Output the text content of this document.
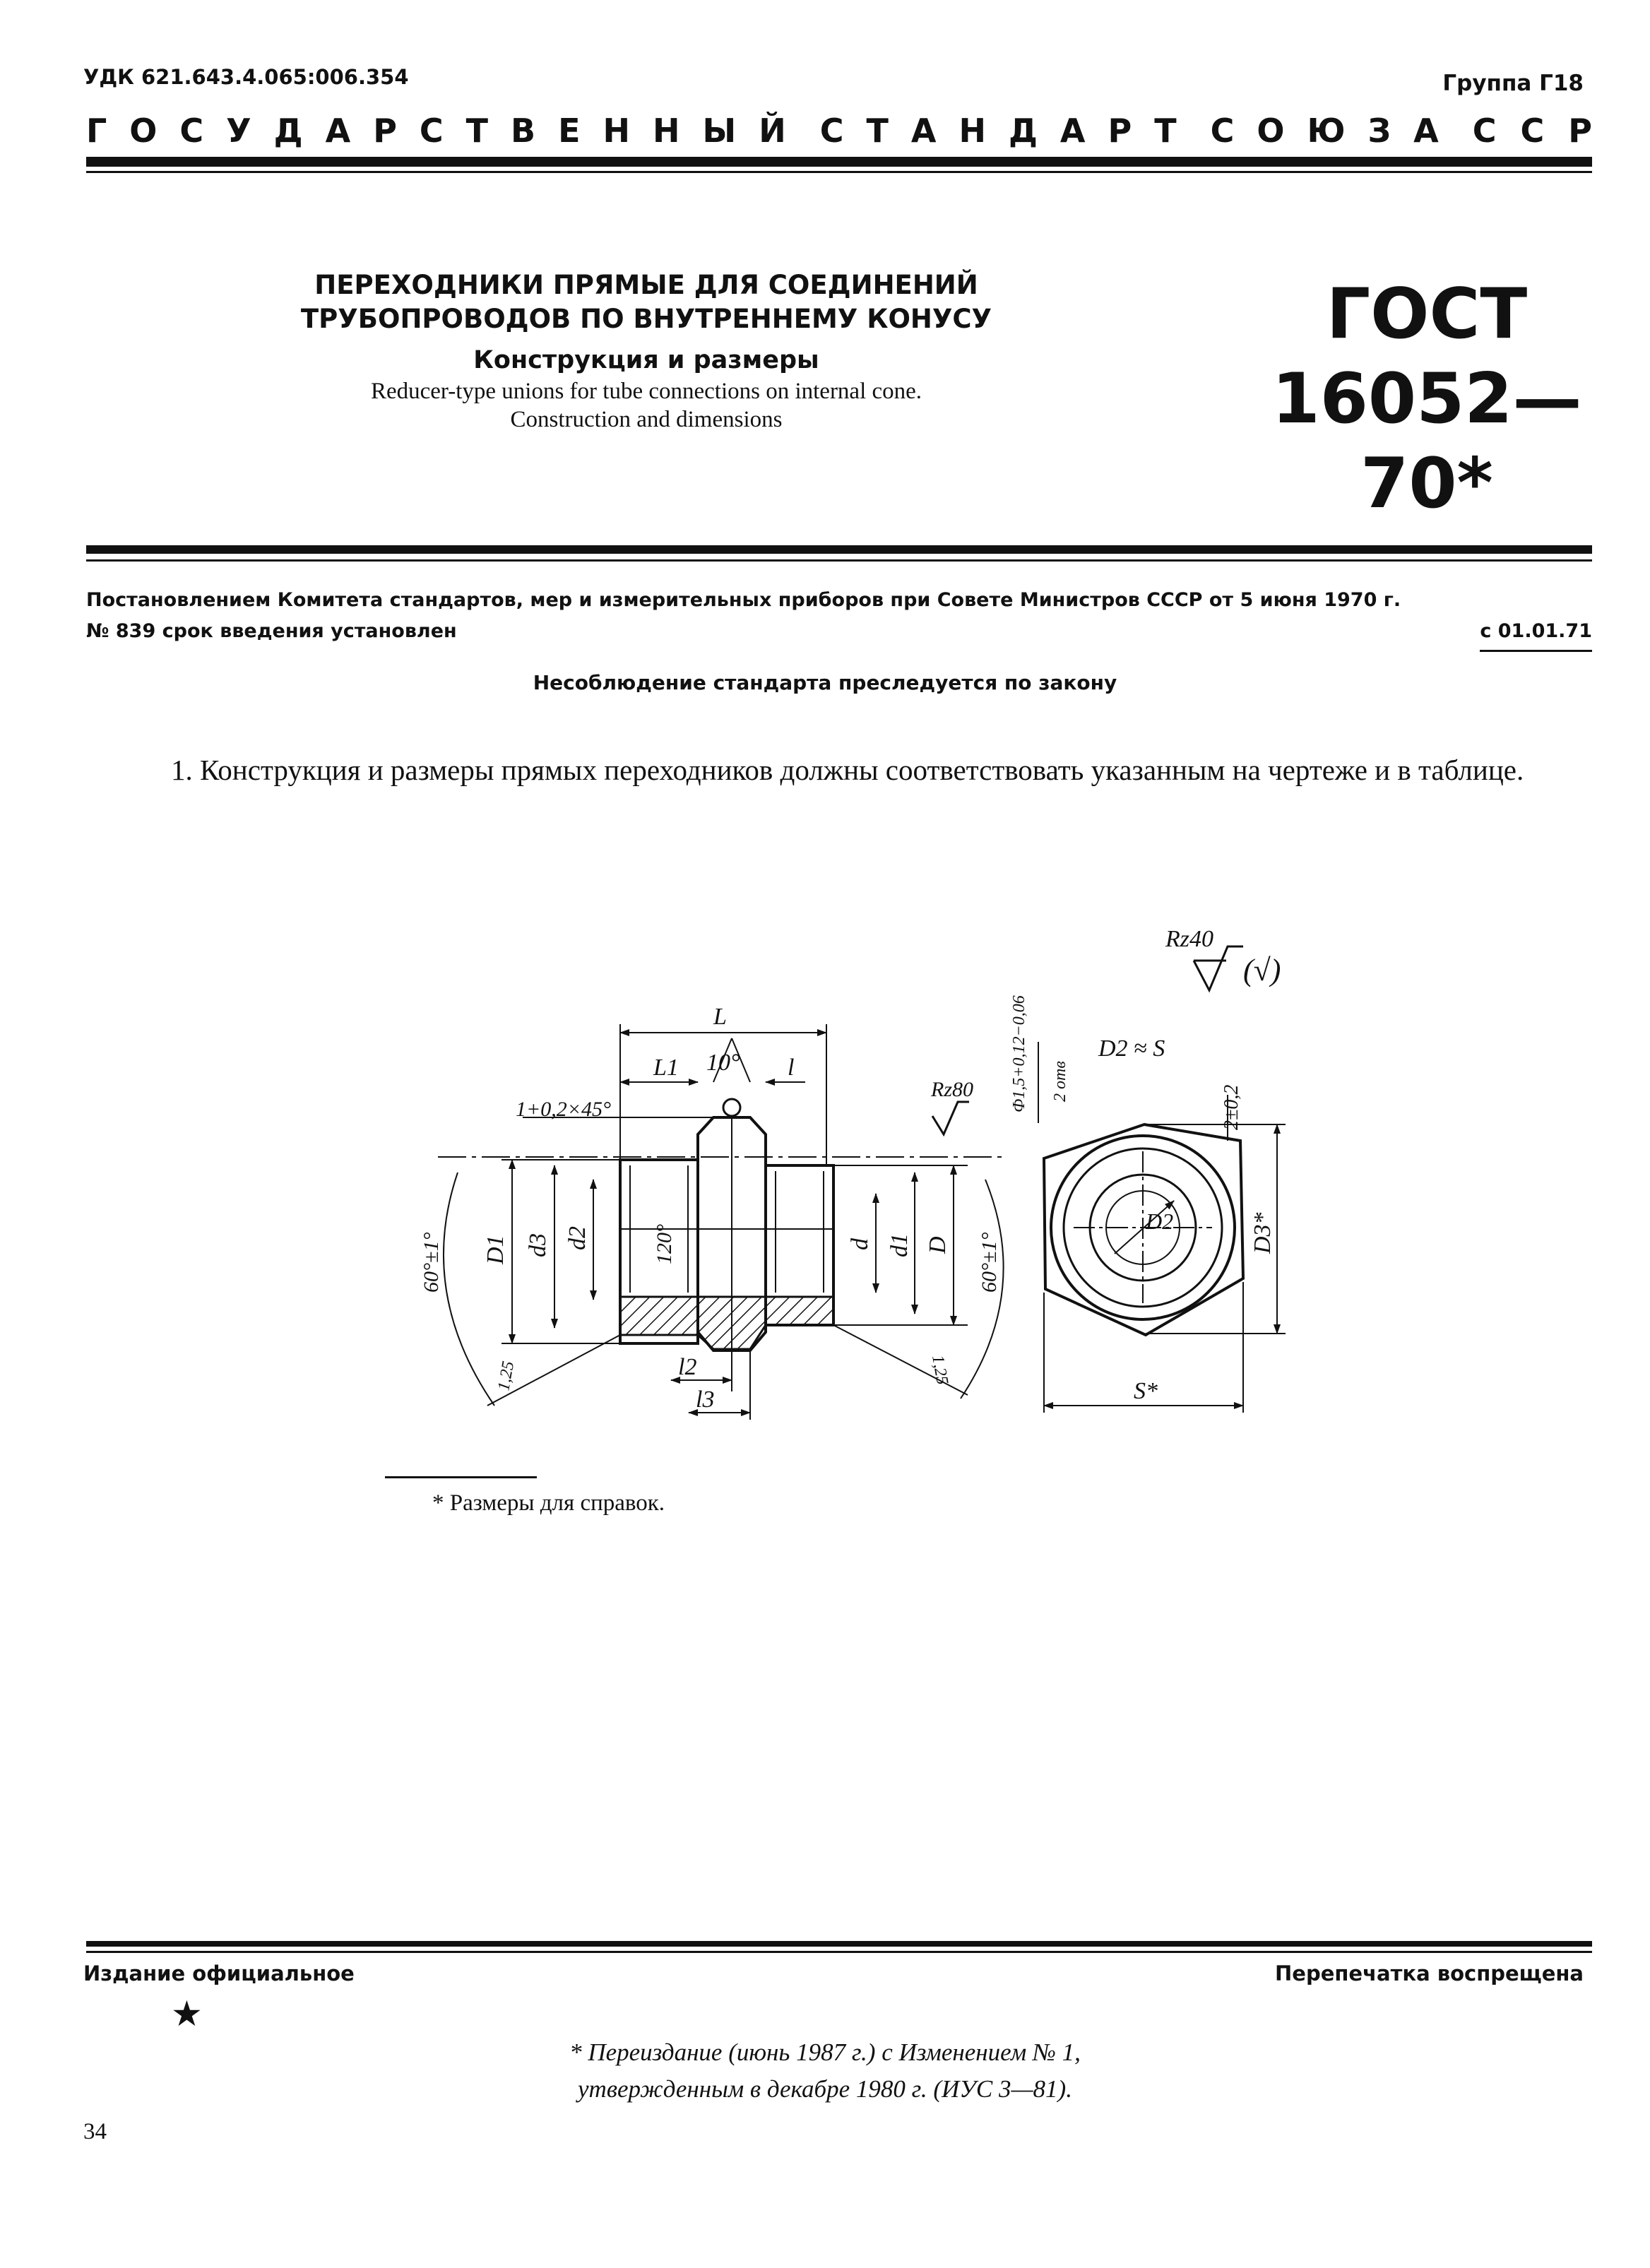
УДК 621.643.4.065:006.354	Группа Г18
ГОСУДАРСТВЕННЫЙ СТАНДАРТ СОЮЗА ССР
ПЕРЕХОДНИКИ ПРЯМЫЕ ДЛЯ СОЕДИНЕНИЙ
ТРУБОПРОВОДОВ ПО ВНУТРЕННЕМУ КОНУСУ
Конструкция и размеры
Reducer-type unions for tube connections on internal cone.
Construction and dimensions
ГОСТ
16052—70*
Постановлением Комитета стандартов, мер и измерительных приборов при Совете Министров СССР от 5 июня 1970 г.
№ 839 срок введения установлен	с 01.01.71
Несоблюдение стандарта преследуется по закону
1. Конструкция и размеры прямых переходников должны соответствовать указанным на чертеже и в таблице.
Rz40
(√)
Rz80
L
10°
L1	l
1+0,2×45°
60°±1° D1 d3 d2	120°	d d1 D 60°±1°
1,25	1,25
l2
l3
Ф1,5+0,12−0,06 2 отв
D2 ≈ S
2±0,2
D2	D3*
S*
* Размеры для справок.
Издание официальное	Перепечатка воспрещена
★
* Переиздание (июнь 1987 г.) с Изменением № 1,
утвержденным в декабре 1980 г. (ИУС 3—81).
34
